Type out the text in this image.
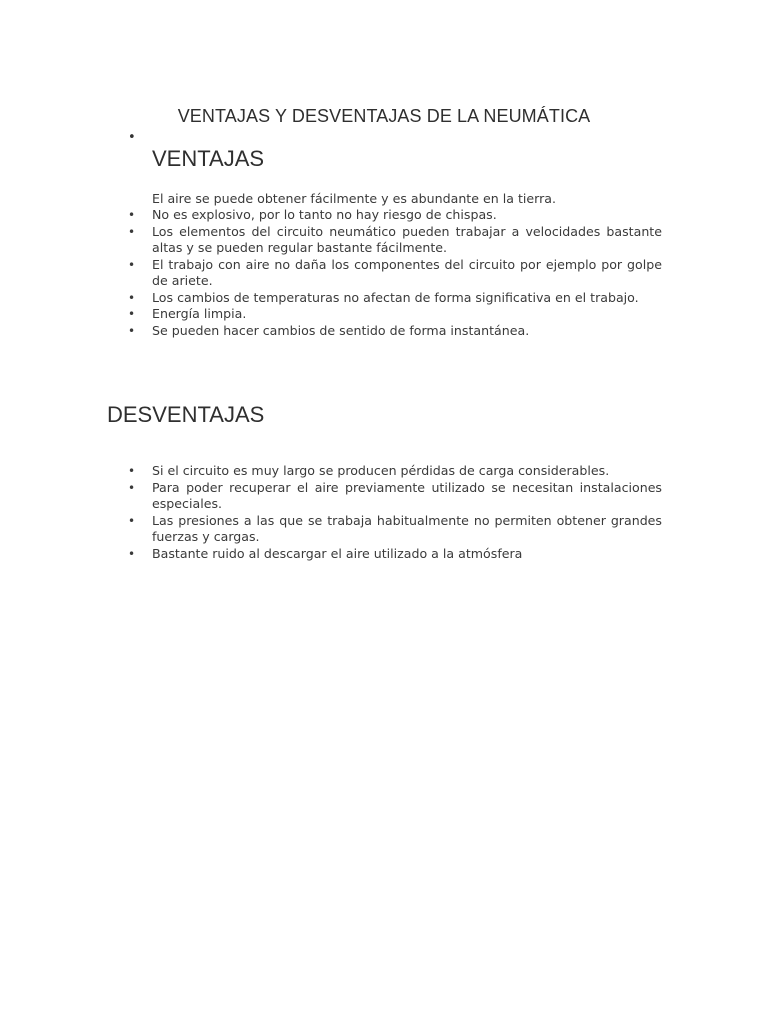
VENTAJAS Y DESVENTAJAS DE LA NEUMÁTICA
•
VENTAJAS

El aire se puede obtener fácilmente y es abundante en la tierra.

• No es explosivo, por lo tanto no hay riesgo de chispas.
• Los elementos del circuito neumático pueden trabajar a velocidades bastante altas y se pueden regular bastante fácilmente.
• El trabajo con aire no daña los componentes del circuito por ejemplo por golpe de ariete.
• Los cambios de temperaturas no afectan de forma significativa en el trabajo.
• Energía limpia.
• Se pueden hacer cambios de sentido de forma instantánea.
DESVENTAJAS
• Si el circuito es muy largo se producen pérdidas de carga considerables.
• Para poder recuperar el aire previamente utilizado se necesitan instalaciones especiales.
• Las presiones a las que se trabaja habitualmente no permiten obtener grandes fuerzas y cargas.
• Bastante ruido al descargar el aire utilizado a la atmósfera
